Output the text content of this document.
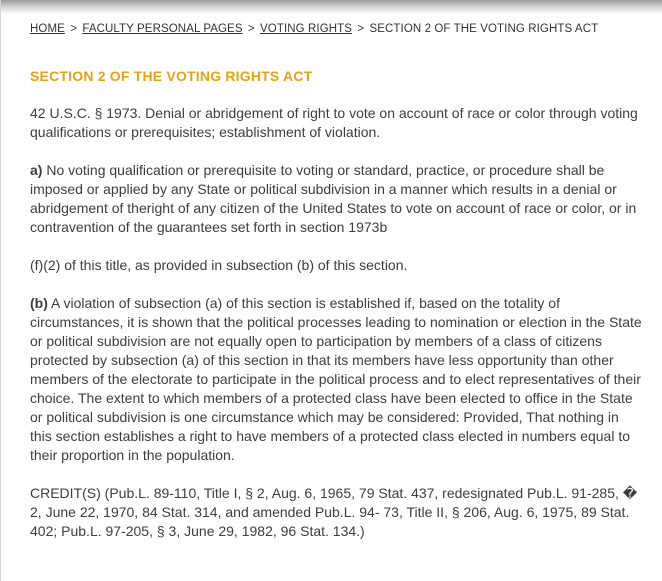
HOME > FACULTY PERSONAL PAGES > VOTING RIGHTS > SECTION 2 OF THE VOTING RIGHTS ACT
SECTION 2 OF THE VOTING RIGHTS ACT

42 U.S.C. § 1973. Denial or abridgement of right to vote on account of race or color through voting qualifications or prerequisites; establishment of violation.

a) No voting qualification or prerequisite to voting or standard, practice, or procedure shall be imposed or applied by any State or political subdivision in a manner which results in a denial or abridgement of theright of any citizen of the United States to vote on account of race or color, or in contravention of the guarantees set forth in section 1973b

(f)(2) of this title, as provided in subsection (b) of this section.

(b) A violation of subsection (a) of this section is established if, based on the totality of circumstances, it is shown that the political processes leading to nomination or election in the State or political subdivision are not equally open to participation by members of a class of citizens protected by subsection (a) of this section in that its members have less opportunity than other members of the electorate to participate in the political process and to elect representatives of their choice. The extent to which members of a protected class have been elected to office in the State or political subdivision is one circumstance which may be considered: Provided, That nothing in this section establishes a right to have members of a protected class elected in numbers equal to their proportion in the population.

CREDIT(S) (Pub.L. 89-110, Title I, § 2, Aug. 6, 1965, 79 Stat. 437, redesignated Pub.L. 91-285, � 2, June 22, 1970, 84 Stat. 314, and amended Pub.L. 94- 73, Title II, § 206, Aug. 6, 1975, 89 Stat. 402; Pub.L. 97-205, § 3, June 29, 1982, 96 Stat. 134.)
